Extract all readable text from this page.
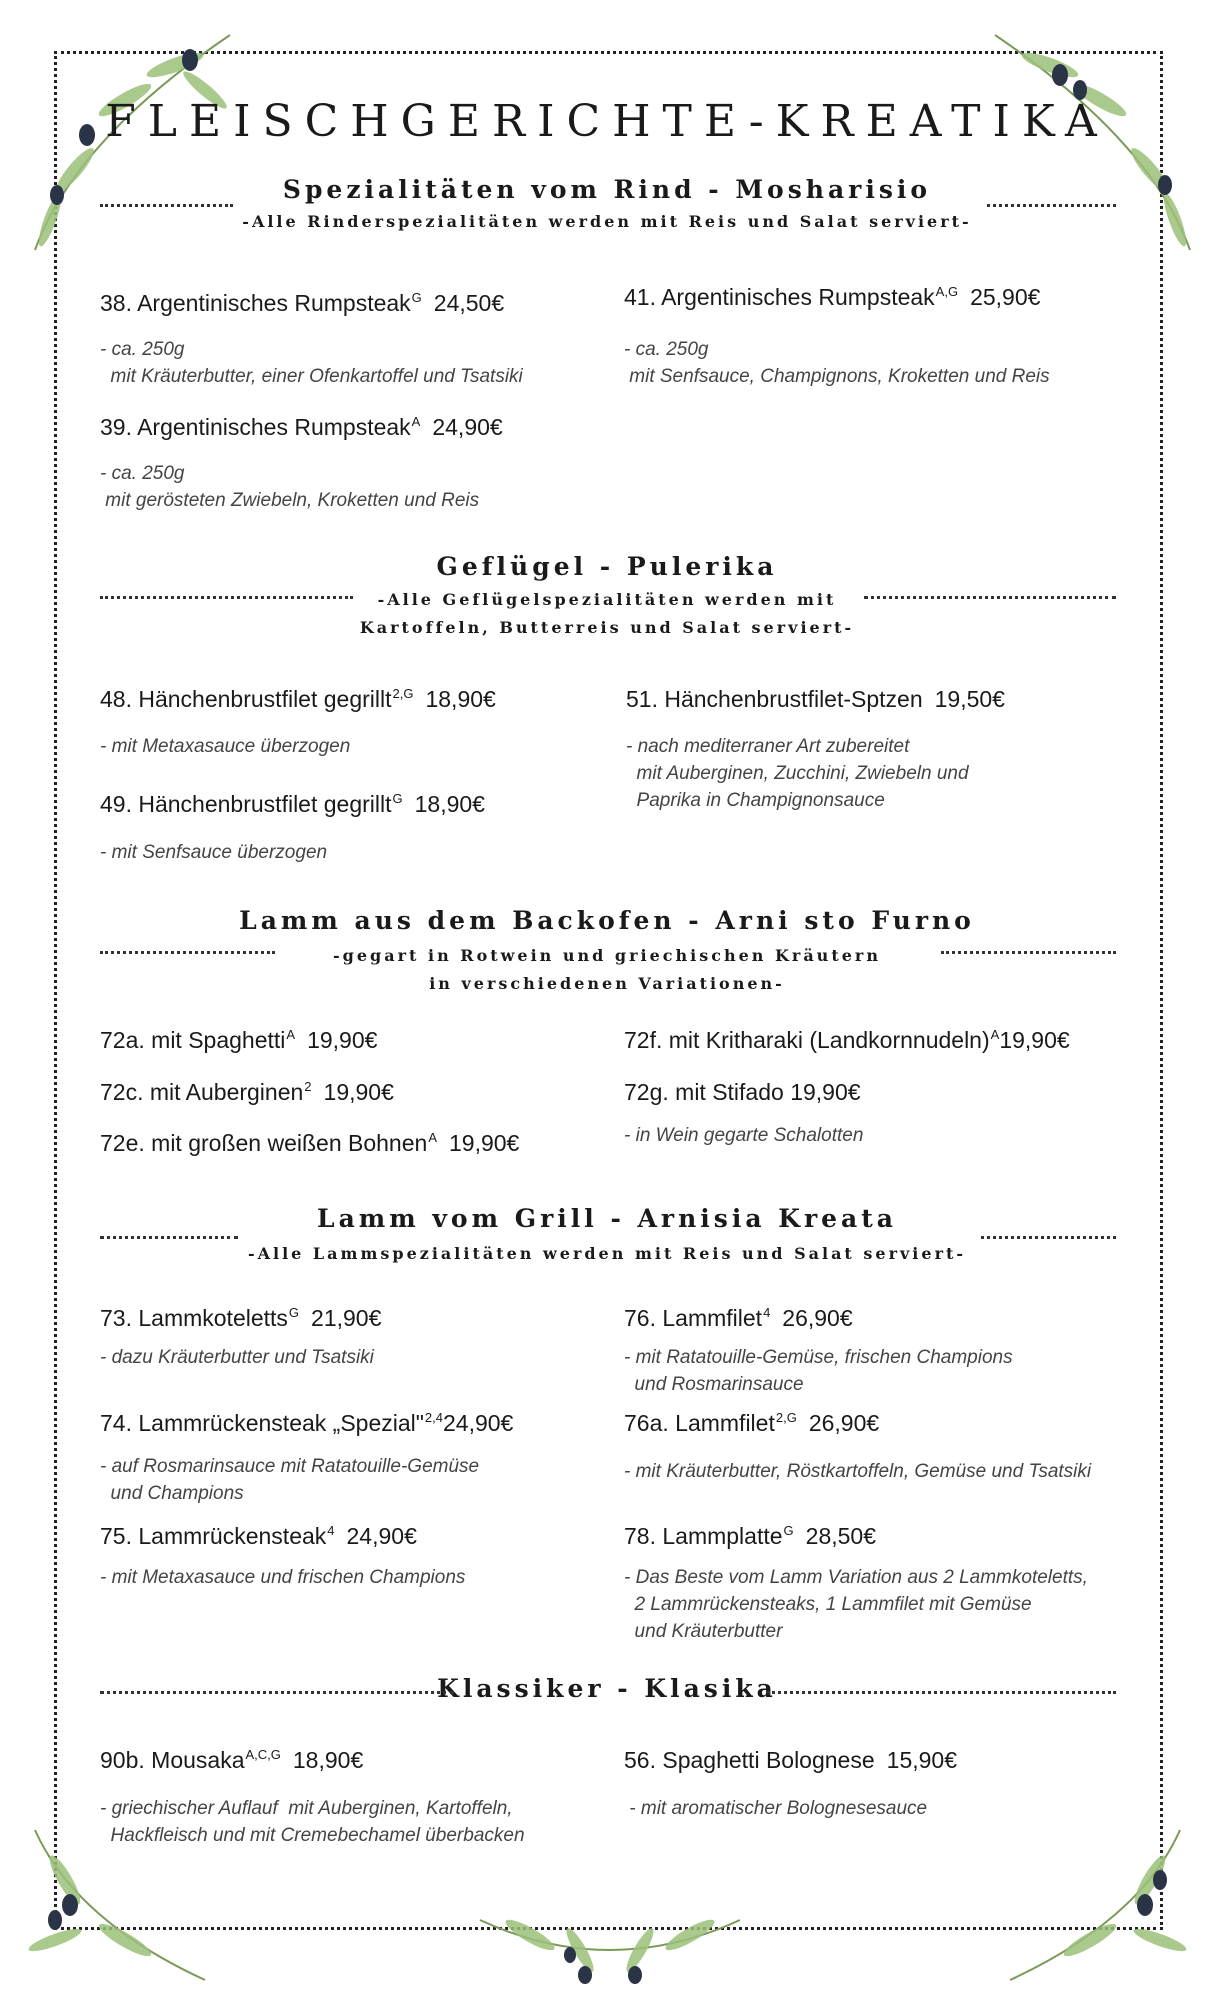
FLEISCHGERICHTE-KREATIKA
Spezialitäten vom Rind - Mosharisio
-Alle Rinderspezialitäten werden mit Reis und Salat serviert-
38. Argentinisches Rumpsteak$^G$ 24,50€
- ca. 250g
mit Kräuterbutter, einer Ofenkartoffel und Tsatsiki
39. Argentinisches Rumpsteak$^A$ 24,90€
- ca. 250g
mit gerösteten Zwiebeln, Kroketten und Reis
41. Argentinisches Rumpsteak$^{A,G}$ 25,90€
- ca. 250g
mit Senfsauce, Champignons, Kroketten und Reis
Geflügel - Pulerika
-Alle Geflügelspezialitäten werden mit
Kartoffeln, Butterreis und Salat serviert-
48. Hänchenbrustfilet gegrillt$^{2,G}$ 18,90€
- mit Metaxasauce überzogen
49. Hänchenbrustfilet gegrillt$^G$ 18,90€
- mit Senfsauce überzogen
51. Hänchenbrustfilet-Sptzen 19,50€
- nach mediterraner Art zubereitet
mit Auberginen, Zucchini, Zwiebeln und
Paprika in Champignonsauce
Lamm aus dem Backofen - Arni sto Furno
-gegart in Rotwein und griechischen Kräutern
in verschiedenen Variationen-
72a. mit Spaghetti$^A$ 19,90€
72c. mit Auberginen$^2$ 19,90€
72e. mit großen weißen Bohnen$^A$ 19,90€
72f. mit Kritharaki (Landkornnudeln)$^A$19,90€
72g. mit Stifado 19,90€
- in Wein gegarte Schalotten
Lamm vom Grill - Arnisia Kreata
-Alle Lammspezialitäten werden mit Reis und Salat serviert-
73. Lammkoteletts$^G$ 21,90€
- dazu Kräuterbutter und Tsatsiki
74. Lammrückensteak „Spezial"$^{2,4}$24,90€
- auf Rosmarinsauce mit Ratatouille-Gemüse
und Champions
75. Lammrückensteak$^4$ 24,90€
- mit Metaxasauce und frischen Champions
76. Lammfilet$^4$ 26,90€
- mit Ratatouille-Gemüse, frischen Champions
und Rosmarinsauce
76a. Lammfilet$^{2,G}$ 26,90€
- mit Kräuterbutter, Röstkartoffeln, Gemüse und Tsatsiki
78. Lammplatte$^G$ 28,50€
- Das Beste vom Lamm Variation aus 2 Lammkoteletts,
2 Lammrückensteaks, 1 Lammfilet mit Gemüse
und Kräuterbutter
Klassiker - Klasika
90b. Mousaka$^{A,C,G}$ 18,90€
- griechischer Auflauf  mit Auberginen, Kartoffeln,
Hackfleisch und mit Cremebechamel überbacken
56. Spaghetti Bolognese 15,90€
- mit aromatischer Bolognesesauce
